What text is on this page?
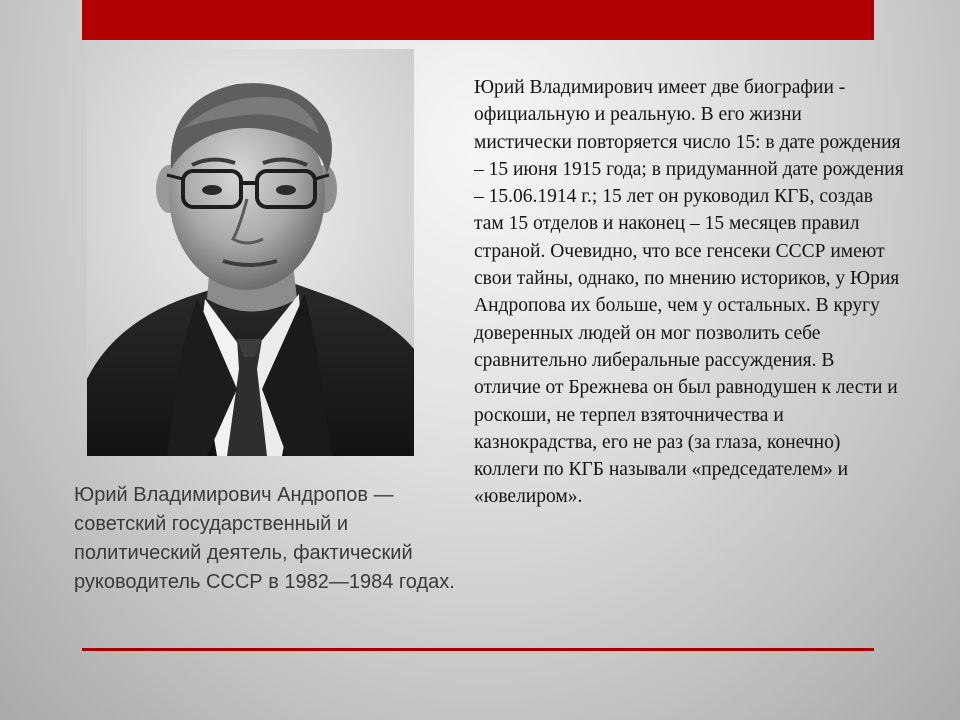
Юрий Владимирович Андропов — советский государственный и политический деятель, фактический руководитель СССР в 1982—1984 годах.
Юрий Владимирович имеет две биографии - официальную и реальную. В его жизни мистически повторяется число 15: в дате рождения – 15 июня 1915 года; в придуманной дате рождения – 15.06.1914 г.; 15 лет он руководил КГБ, создав там 15 отделов и наконец – 15 месяцев правил страной. Очевидно, что все генсеки СССР имеют свои тайны, однако, по мнению историков, у Юрия Андропова их больше, чем у остальных. В кругу доверенных людей он мог позволить себе сравнительно либеральные рассуждения. В отличие от Брежнева он был равнодушен к лести и роскоши, не терпел взяточничества и казнокрадства, его не раз (за глаза, конечно) коллеги по КГБ называли «председателем» и «ювелиром».
